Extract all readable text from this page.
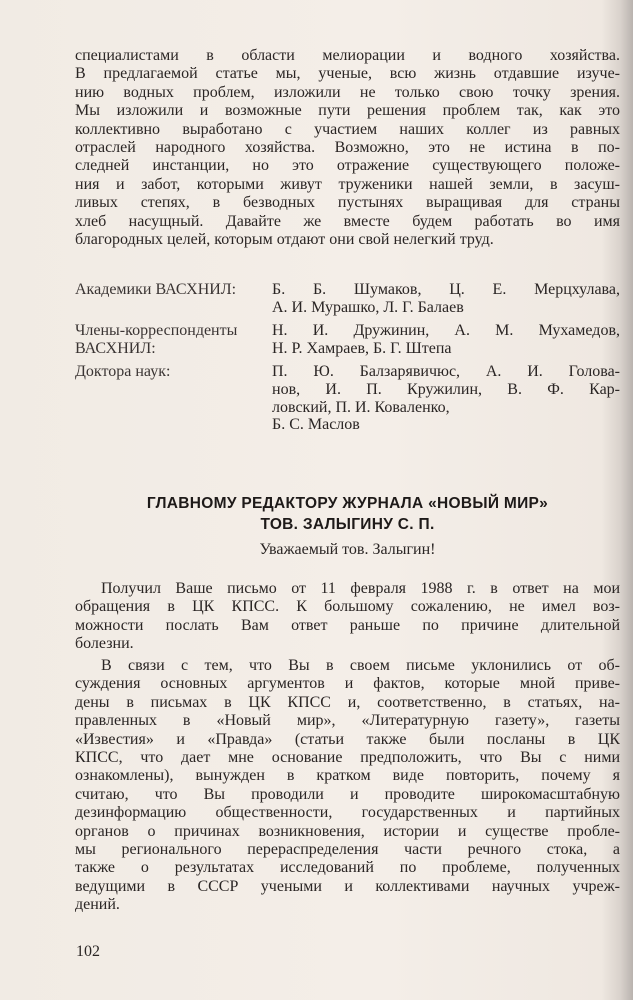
специалистами в области мелиорации и водного хозяйства.
В предлагаемой статье мы, ученые, всю жизнь отдавшие изуче-
нию водных проблем, изложили не только свою точку зрения.
Мы изложили и возможные пути решения проблем так, как это
коллективно выработано с участием наших коллег из равных
отраслей народного хозяйства. Возможно, это не истина в по-
следней инстанции, но это отражение существующего положе-
ния и забот, которыми живут труженики нашей земли, в засуш-
ливых степях, в безводных пустынях выращивая для страны
хлеб насущный. Давайте же вместе будем работать во имя
благородных целей, которым отдают они свой нелегкий труд.
Академики ВАСХНИЛ:	Б. Б. Шумаков, Ц. Е. Мерцхулава,
А. И. Мурашко, Л. Г. Балаев
Члены-корреспонденты ВАСХНИЛ:
Н. И. Дружинин, А. М. Мухамедов,
Н. Р. Хамраев, Б. Г. Штепа
Доктора наук:	П. Ю. Балзарявичюс, А. И. Голова-
нов, И. П. Кружилин, В. Ф. Кар-
ловский, П. И. Коваленко,
Б. С. Маслов
ГЛАВНОМУ РЕДАКТОРУ ЖУРНАЛА «НОВЫЙ МИР»
ТОВ. ЗАЛЫГИНУ С. П.
Уважаемый тов. Залыгин!
Получил Ваше письмо от 11 февраля 1988 г. в ответ на мои
обращения в ЦК КПСС. К большому сожалению, не имел воз-
можности послать Вам ответ раньше по причине длительной
болезни.
В связи с тем, что Вы в своем письме уклонились от об-
суждения основных аргументов и фактов, которые мной приве-
дены в письмах в ЦК КПСС и, соответственно, в статьях, на-
правленных в «Новый мир», «Литературную газету», газеты
«Известия» и «Правда» (статьи также были посланы в ЦК
КПСС, что дает мне основание предположить, что Вы с ними
ознакомлены), вынужден в кратком виде повторить, почему я
считаю, что Вы проводили и проводите широкомасштабную
дезинформацию общественности, государственных и партийных
органов о причинах возникновения, истории и существе пробле-
мы регионального перераспределения части речного стока, а
также о результатах исследований по проблеме, полученных
ведущими в СССР учеными и коллективами научных учреж-
дений.
102
